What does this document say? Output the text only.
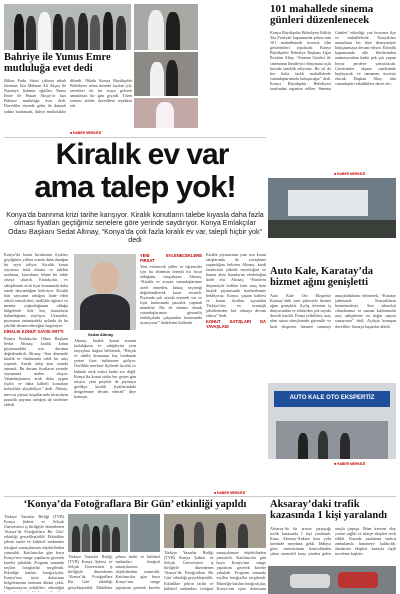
Bahriye ile Yunus Emre mutluluğa evet dedi
Hilton Parkı Sitesi çiftinin nikah törenine, Kar Mehmet Ali Akçay ile Nazmiye Şahinin oğulları Yunus Emre ile Hasan Akçay’ın kızı Bahriye mutluluğa evet dedi. Davetliler törende gelin ile damadı yalnız bırakmadı, ikiliye mutluluklar dilendi. Nikahı Konya Büyükşehir Belediyesi adına törende kıyılan çift, sevenleri ile bir araya gelerek unutulmaz bir gün geçirdi. Tören sonrası aileler davetlilere teşekkür etti.
■ HABER MERKEZİ
101 mahallede sinema günleri düzenlenecek
Konya Büyükşehir Belediyesi Kültür Yaz Festivali kapsamında şehrin tam 101 mahallesinde ücretsiz film gösterimleri yapılacak. Konya Büyükşehir Belediye Başkanı Uğur İbrahim Altay, “Sinema Günleri ile sinemanın büyüleyici dünyasına açık havada tanıklık ediyoruz. Bu yıl da her hafta farklı mahallelerde vatandaşlarımızla buluşacağız” dedi. Konya Büyükşehir Belediyesi tarafından organize edilen ‘Sinema Günleri’ etkinliği, yaz boyunca ilçe ve mahallelerde Konyalıları unutulmaz bir film deneyimiyle buluşturmaya devam ediyor. Etkinlik kapsamında aile filmlerinden animasyonlara kadar pek çok yapım beyaz perdeye yansıtılacak. Gösterimler akşam saatlerinde başlayacak ve tamamen ücretsiz olacak. Başkan Altay tüm vatandaşları etkinliklere davet etti.
■ HABER MERKEZİ
Kiralık ev var
ama talep yok!
Konya’da barınma krizi tarihe karışıyor. Kiralık konutların talebe kıyasla daha fazla olması fiyatları geçtiğimiz senelere göre yerinde saydırıyor. Konya Emlakçılar Odası Başkanı Sedat Altınay, “Konya’da çok fazla kiralık ev var, talepli hiçbir yok” dedi
Konya’da konut kiralarının fiyatları geçtiğimiz yıllara oranla daha durağan bir seyir izliyor. Kiralık konut sayısının fazla olması ve talebin azalması, kiracıların lehine bir tablo ortaya çıkardı. Emlakçılar, ev sahiplerinin artık fiyat konusunda daha esnek davrandığını belirtiyor. Kiralık ilan sayısının arttığını ifade eden sektör temsilcileri, özellikle öğrenci ve memur yoğunluğunun olduğu bölgelerde bile boş konutların bulunduğunu söylüyor. Uzmanlar, piyasanın önümüzdeki aylarda da bu şekilde devam edeceğini öngörüyor.
KİRALIK KONUT SAYISI ARTTI
Konya Emlakçılar Odası Başkanı Sedat Altınay, kiralık konut piyasasındaki son durumu değerlendirdi. Altınay, “Son dönemde kiralık ev ilanlarında ciddi bir artış yaşandı. Ancak talep aynı oranda artmadı. Bu durum fiyatların yerinde saymasına neden oluyor. Vatandaşlarımız artık daha uygun fiyatlı ve daha kaliteli konutlara kolaylıkla ulaşabiliyor” dedi. Altınay, mevcut piyasa koşullarında kiracıların pazarlık payının arttığını da sözlerine ekledi.
Sedat Altınay
Altınay, kiralık konut arzının fazlalığının ev sahiplerini yeni arayışlara ittiğini belirterek, “Birçok ev sahibi konutunu boş bırakmak yerine fiyat indirimine gidiyor. Özellikle merkezi ilçelerde kiralık ev bulmak artık eskisi kadar zor değil. Konya’da konut stoku her geçen gün artıyor, yeni projeler de piyasaya girdikçe kiralık fiyatlarındaki dengelenme devam edecek” diye konuştu.
YENİ EVLENECEKLERE FIRSAT
Yeni evlenecek çiftler ve öğrenciler için bu dönemin önemli bir fırsat olduğunu vurgulayan Altınay, “Kiralık ev arayan vatandaşlarımız acele etmeden, birkaç seçeneği değerlendirerek karar vermeli. Piyasada çok sayıda seçenek var ve fiyat konusunda pazarlık yapmak mümkün. Biz de odamız olarak vatandaşlarımızı güvenilir emlakçılarla çalışmaları konusunda uyarıyoruz” ifadelerini kullandı.
Kiralık piyasasının yanı sıra konut satışlarında da yavaşlama yaşandığını belirten Altınay, kredi faizlerinin yüksek seyrettiğini ve bunun alım kararlarını ertelettiğini ifade etti. Altınay, “Faizlerin düşmesiyle birlikte hem satış hem kiralık piyasasında hareketlenme bekliyoruz. Konya, yaşam kalitesi ve konut fiyatları açısından Türkiye’nin en avantajlı şehirlerinden biri olmaya devam ediyor” dedi.
KONUT SATIŞLARI DA YAVAŞLADI
■ HABER MERKEZİ
Auto Kale, Karatay’da hizmet ağını genişletti
Auto Kale Oto Ekspertiz Karatay’daki yeni şubesiyle hizmet ağını genişletti. Açılış törenine iş dünyasından ve sektörden çok sayıda davetli katıldı. Firma yetkilileri, araç alım satım süreçlerinde güvenilir ve hızlı ekspertiz hizmeti sunmayı amaçladıklarını belirterek, “Karatay şubemizle Konyalıların hizmetindeyiz. Son teknoloji cihazlarımız ve uzman kadromuzla araç sahiplerine en doğru raporu sunuyoruz” dedi. Açılışta konuşan davetliler firmaya başarılar diledi.
AUTO KALE OTO EKSPERTİZ
■ HABER MERKEZİ
‘Konya’da Fotoğraflara Bir Gün’ etkinliği yapıldı
Türkiye Yazarlar Birliği (TYB) Konya Şubesi ve Selçuk Üniversitesi iş birliğiyle düzenlenen ‘Konya’da Fotoğraflara Bir Gün’ etkinliği gerçekleştirildi. Etkinlikte şehrin tarihi ve kültürel mekanları fotoğraf sanatçılarının objektifinden yansıtıldı. Katılımcılar gün boyu Konya’nın simge yapılarını gezerek kareler yakaladı. Program sonunda seçilen fotoğraflar sergilendi. Etkinliğe katılan fotoğrafçılar, Konya’nın eşsiz dokusunu belgelemenin önemine dikkat çekti. Organizasyon yetkilileri, etkinliğin
Türkiye Yazarlar Birliği (TYB) Konya Şubesi ve Selçuk Üniversitesi iş birliğiyle düzenlenen ‘Konya’da Fotoğraflara Bir Gün’ etkinliği gerçekleştirildi. Etkinlikte şehrin tarihi ve kültürel mekanları fotoğraf sanatçılarının objektifinden yansıtıldı. Katılımcılar gün boyu Konya’nın simge yapılarını gezerek kareler
Türkiye Yazarlar Birliği (TYB) Konya Şubesi ve Selçuk Üniversitesi iş birliğiyle düzenlenen ‘Konya’da Fotoğraflara Bir Gün’ etkinliği gerçekleştirildi. Etkinlikte şehrin tarihi ve kültürel mekanları fotoğraf sanatçılarının objektifinden yansıtıldı. Katılımcılar gün boyu Konya’nın simge yapılarını gezerek kareler yakaladı. Program sonunda seçilen fotoğraflar sergilendi. Etkinliğe katılan fotoğrafçılar, Konya’nın eşsiz dokusunu
Aksaray’daki trafik kazasında 1 kişi yaralandı
Aksaray’da iki aracın çarpıştığı trafik kazasında 1 kişi yaralandı. Kaza, Aksaray-Ankara kara yolu üzerinde meydana geldi. İddiaya göre, sürücüsünün kontrolünden çıkan otomobil karşı yönden gelen araçla çarpıştı. İhbar üzerine olay yerine sağlık ve itfaiye ekipleri sevk edildi. Kazada yaralanan sürücü ambulansla hastaneye kaldırıldı. Jandarma ekipleri kazayla ilgili inceleme başlattı.
